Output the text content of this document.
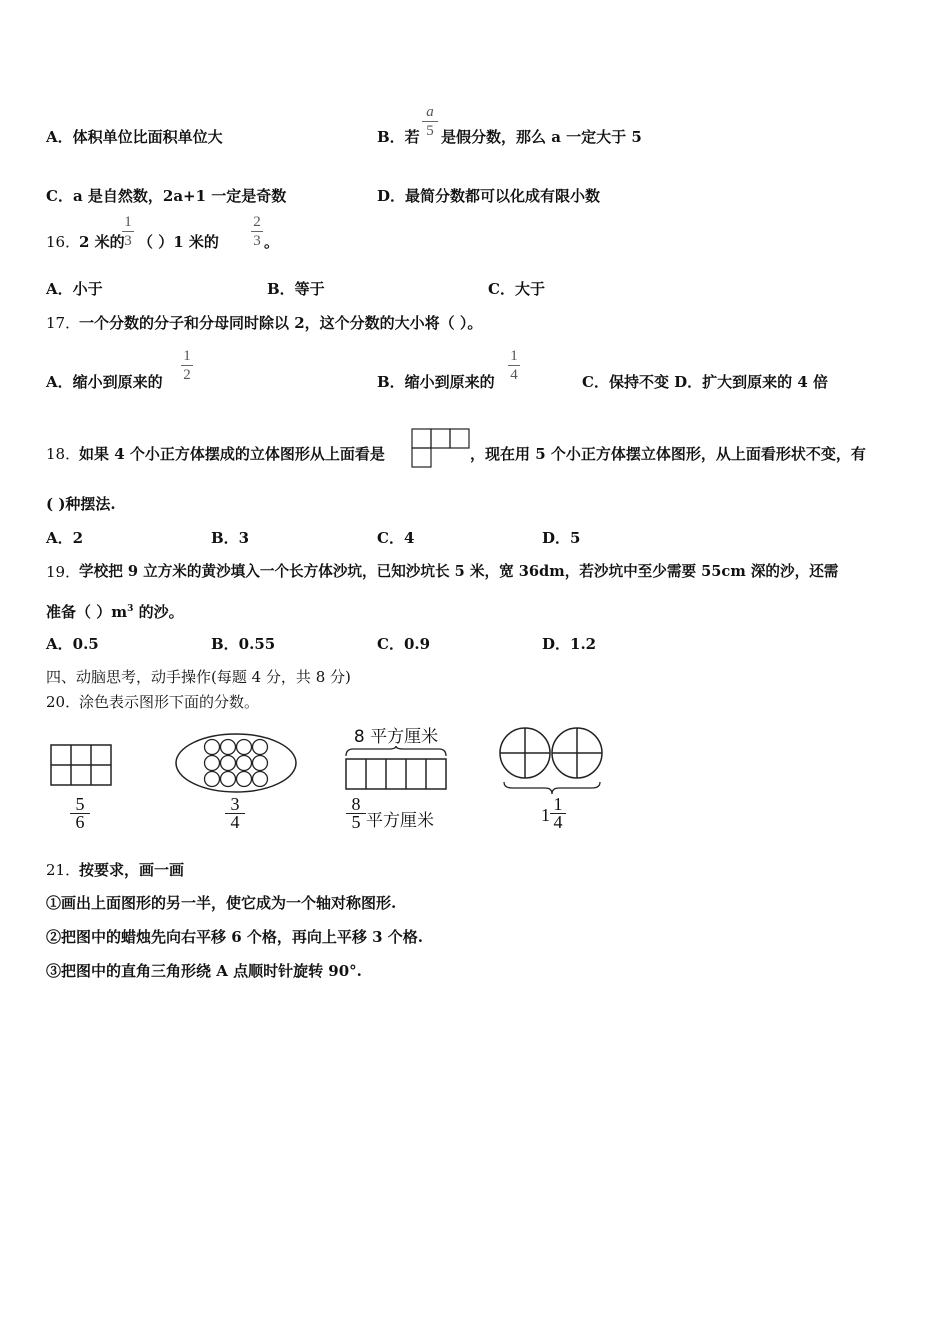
A．体积单位比面积单位大	B．若
a
5 是假分数，那么 a 一定大于 5
C．a 是自然数，2a+1 一定是奇数	D．最简分数都可以化成有限小数
16．
2 米的
1
3 （ ）1 米的
2
3 。
A．小于	B．等于	C．大于
17．
一个分数的分子和分母同时除以 2，这个分数的大小将（ ）。
A．缩小到原来的
1
2	B．缩小到原来的
1
4	C．保持不变 D．扩大到原来的 4 倍
18．
如果 4 个小正方体摆成的立体图形从上面看是	，现在用 5 个小正方体摆立体图形，从上面看形状不变，有
( )种摆法.
A．2	B．3	C．4	D．5
19．
学校把 9 立方米的黄沙填入一个长方体沙坑，已知沙坑长 5 米，宽 36dm，若沙坑中至少需要 55cm 深的沙，还需
准备（ ）$m^3$ 的沙。
A．0.5	B．0.55	C．0.9	D．1.2
四、动脑思考，动手操作(每题 4 分，共 8 分)
20．
涂色表示图形下面的分数。
5
6
3
4
8 平方厘米
8
5 平方厘米	1
1
4
21．
按要求，画一画
①画出上面图形的另一半，使它成为一个轴对称图形.
②把图中的蜡烛先向右平移 6 个格，再向上平移 3 个格.
③把图中的直角三角形绕 A 点顺时针旋转 90°.
